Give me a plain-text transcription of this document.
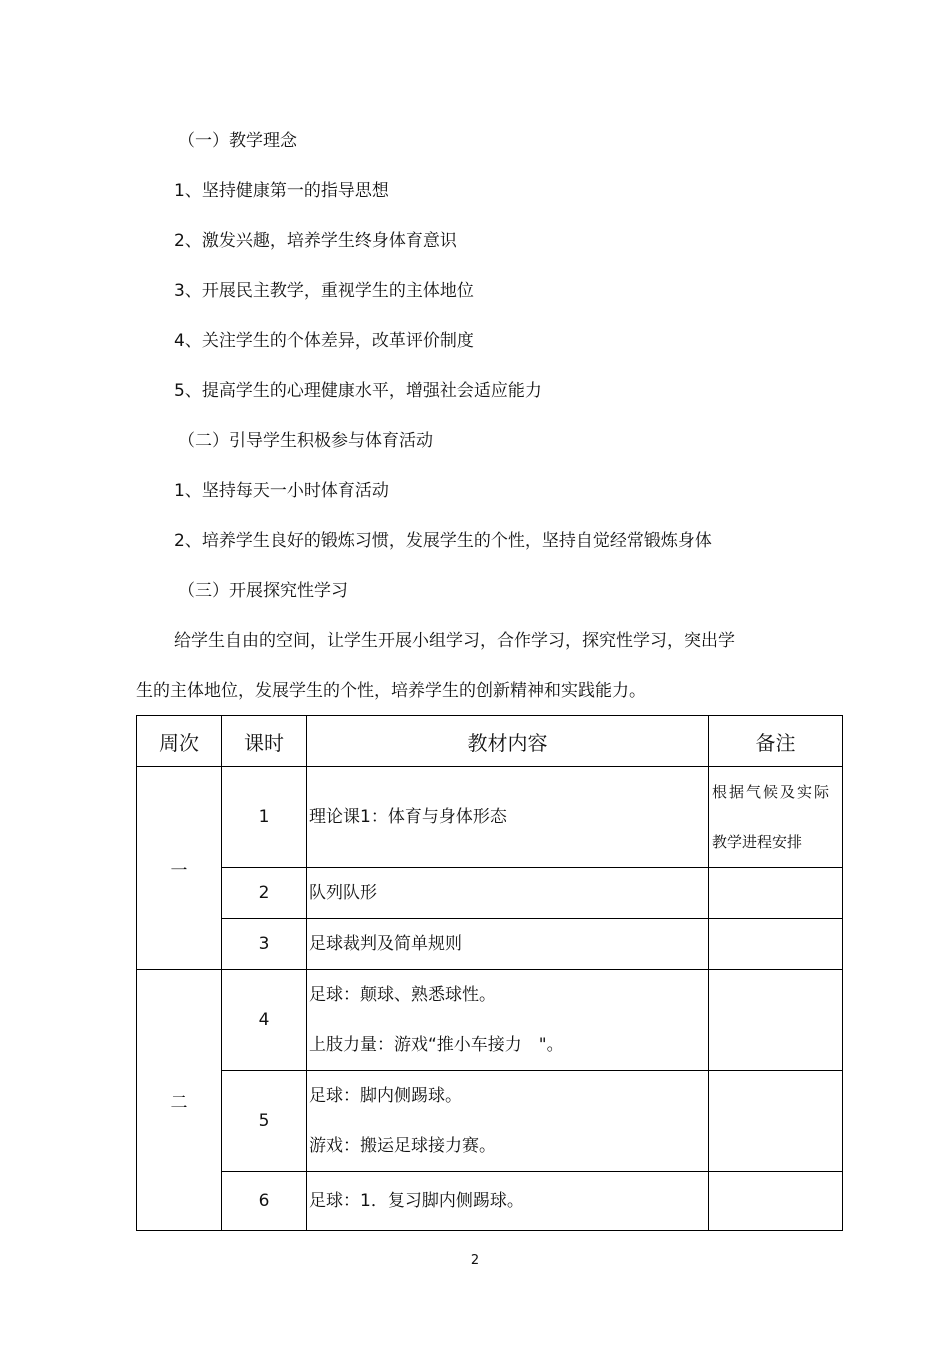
（一）教学理念
1、坚持健康第一的指导思想
2、激发兴趣，培养学生终身体育意识
3、开展民主教学，重视学生的主体地位
4、关注学生的个体差异，改革评价制度
5、提高学生的心理健康水平，增强社会适应能力
（二）引导学生积极参与体育活动
1、坚持每天一小时体育活动
2、培养学生良好的锻炼习惯，发展学生的个性，坚持自觉经常锻炼身体
（三）开展探究性学习
给学生自由的空间，让学生开展小组学习，合作学习，探究性学习，突出学
生的主体地位，发展学生的个性，培养学生的创新精神和实践能力。
周次	课时	教材内容	备注
一	1	理论课1：体育与身体形态	根据气候及实际
教学进程安排

	2	队列队形	

	3	足球裁判及简单规则	

二	4	足球：颠球、熟悉球性。
上肢力量：游戏“推小车接力　"。	

	5	足球：脚内侧踢球。
游戏：搬运足球接力赛。	

	6	足球：1．复习脚内侧踢球。	

2
